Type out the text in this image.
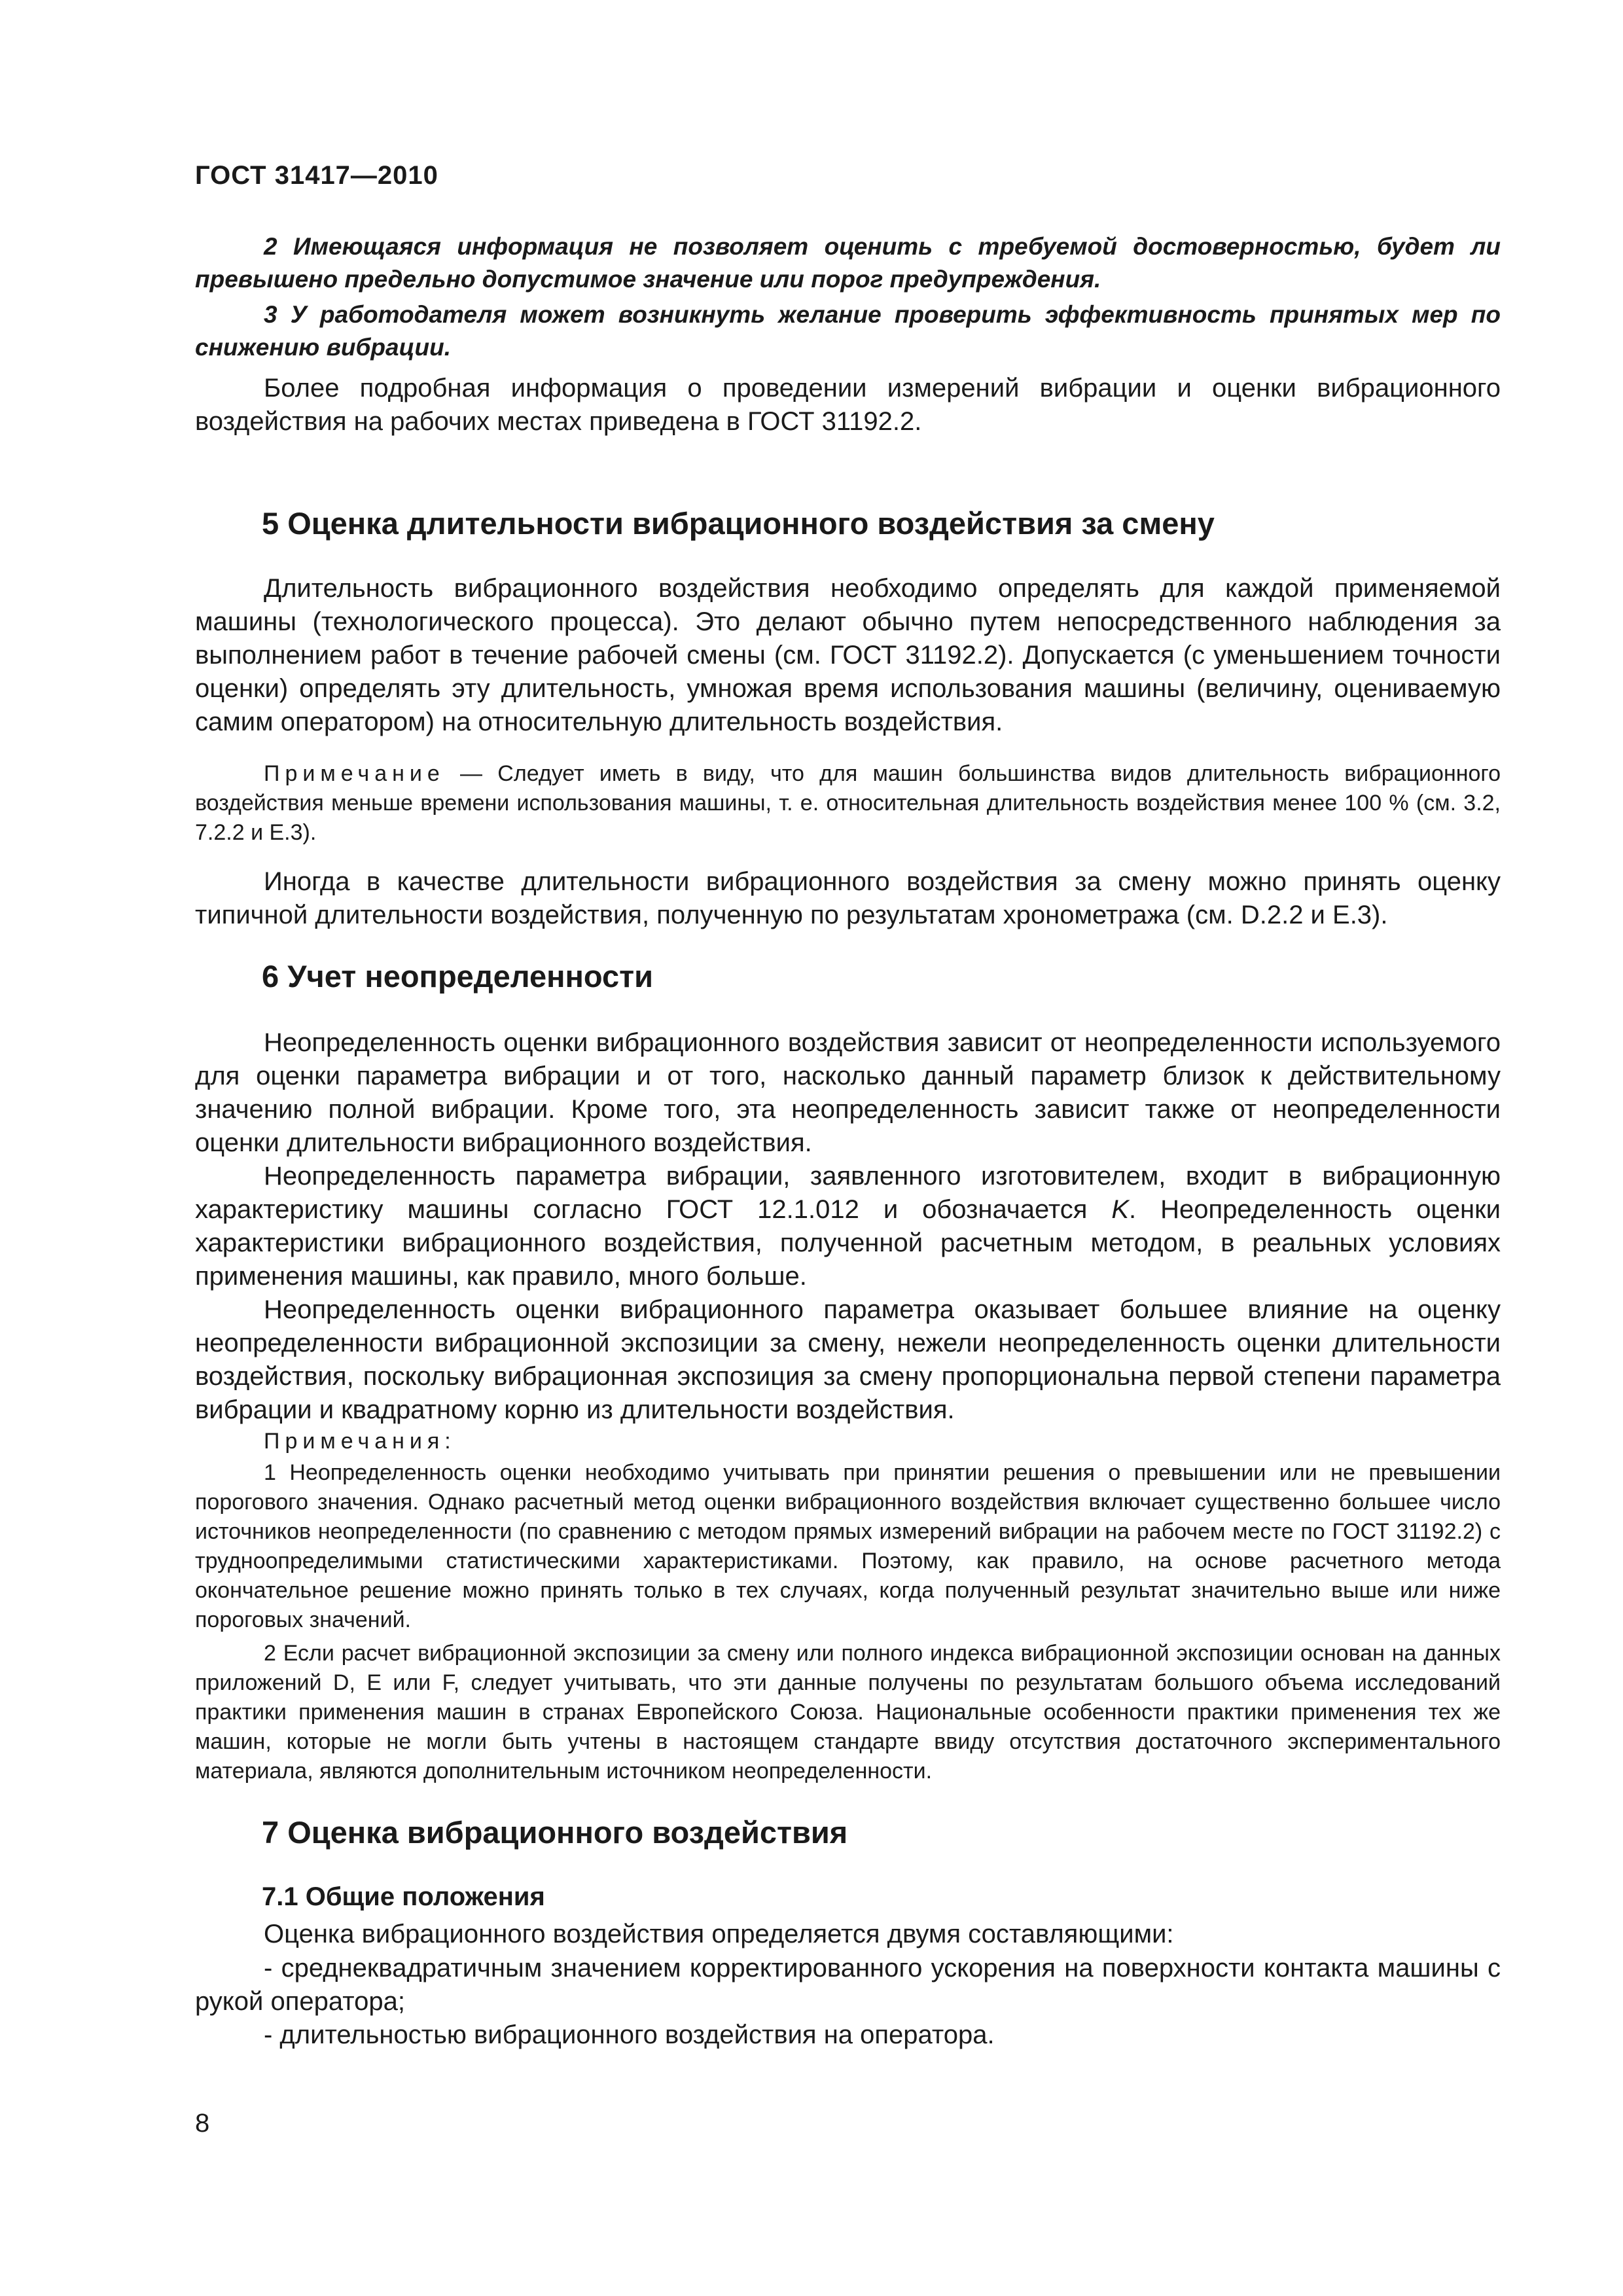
ГОСТ 31417—2010

2 Имеющаяся информация не позволяет оценить с требуемой достоверностью, будет ли превышено предельно допустимое значение или порог предупреждения.

3 У работодателя может возникнуть желание проверить эффективность принятых мер по снижению вибрации.

Более подробная информация о проведении измерений вибрации и оценки вибрационного воздействия на рабочих местах приведена в ГОСТ 31192.2.

5 Оценка длительности вибрационного воздействия за смену

Длительность вибрационного воздействия необходимо определять для каждой применяемой машины (технологического процесса). Это делают обычно путем непосредственного наблюдения за выполнением работ в течение рабочей смены (см. ГОСТ 31192.2). Допускается (с уменьшением точности оценки) определять эту длительность, умножая время использования машины (величину, оцениваемую самим оператором) на относительную длительность воздействия.

Примечание — Следует иметь в виду, что для машин большинства видов длительность вибрационного воздействия меньше времени использования машины, т. е. относительная длительность воздействия менее 100 % (см. 3.2, 7.2.2 и Е.3).

Иногда в качестве длительности вибрационного воздействия за смену можно принять оценку типичной длительности воздействия, полученную по результатам хронометража (см. D.2.2 и Е.3).

6 Учет неопределенности

Неопределенность оценки вибрационного воздействия зависит от неопределенности используемого для оценки параметра вибрации и от того, насколько данный параметр близок к действительному значению полной вибрации. Кроме того, эта неопределенность зависит также от неопределенности оценки длительности вибрационного воздействия.

Неопределенность параметра вибрации, заявленного изготовителем, входит в вибрационную характеристику машины согласно ГОСТ 12.1.012 и обозначается K. Неопределенность оценки характеристики вибрационного воздействия, полученной расчетным методом, в реальных условиях применения машины, как правило, много больше.

Неопределенность оценки вибрационного параметра оказывает большее влияние на оценку неопределенности вибрационной экспозиции за смену, нежели неопределенность оценки длительности воздействия, поскольку вибрационная экспозиция за смену пропорциональна первой степени параметра вибрации и квадратному корню из длительности воздействия.

Примечания:

1 Неопределенность оценки необходимо учитывать при принятии решения о превышении или не превышении порогового значения. Однако расчетный метод оценки вибрационного воздействия включает существенно большее число источников неопределенности (по сравнению с методом прямых измерений вибрации на рабочем месте по ГОСТ 31192.2) с трудноопределимыми статистическими характеристиками. Поэтому, как правило, на основе расчетного метода окончательное решение можно принять только в тех случаях, когда полученный результат значительно выше или ниже пороговых значений.

2 Если расчет вибрационной экспозиции за смену или полного индекса вибрационной экспозиции основан на данных приложений D, E или F, следует учитывать, что эти данные получены по результатам большого объема исследований практики применения машин в странах Европейского Союза. Национальные особенности практики применения тех же машин, которые не могли быть учтены в настоящем стандарте ввиду отсутствия достаточного экспериментального материала, являются дополнительным источником неопределенности.

7 Оценка вибрационного воздействия
7.1 Общие положения

Оценка вибрационного воздействия определяется двумя составляющими:

- среднеквадратичным значением корректированного ускорения на поверхности контакта машины с рукой оператора;

- длительностью вибрационного воздействия на оператора.

8
